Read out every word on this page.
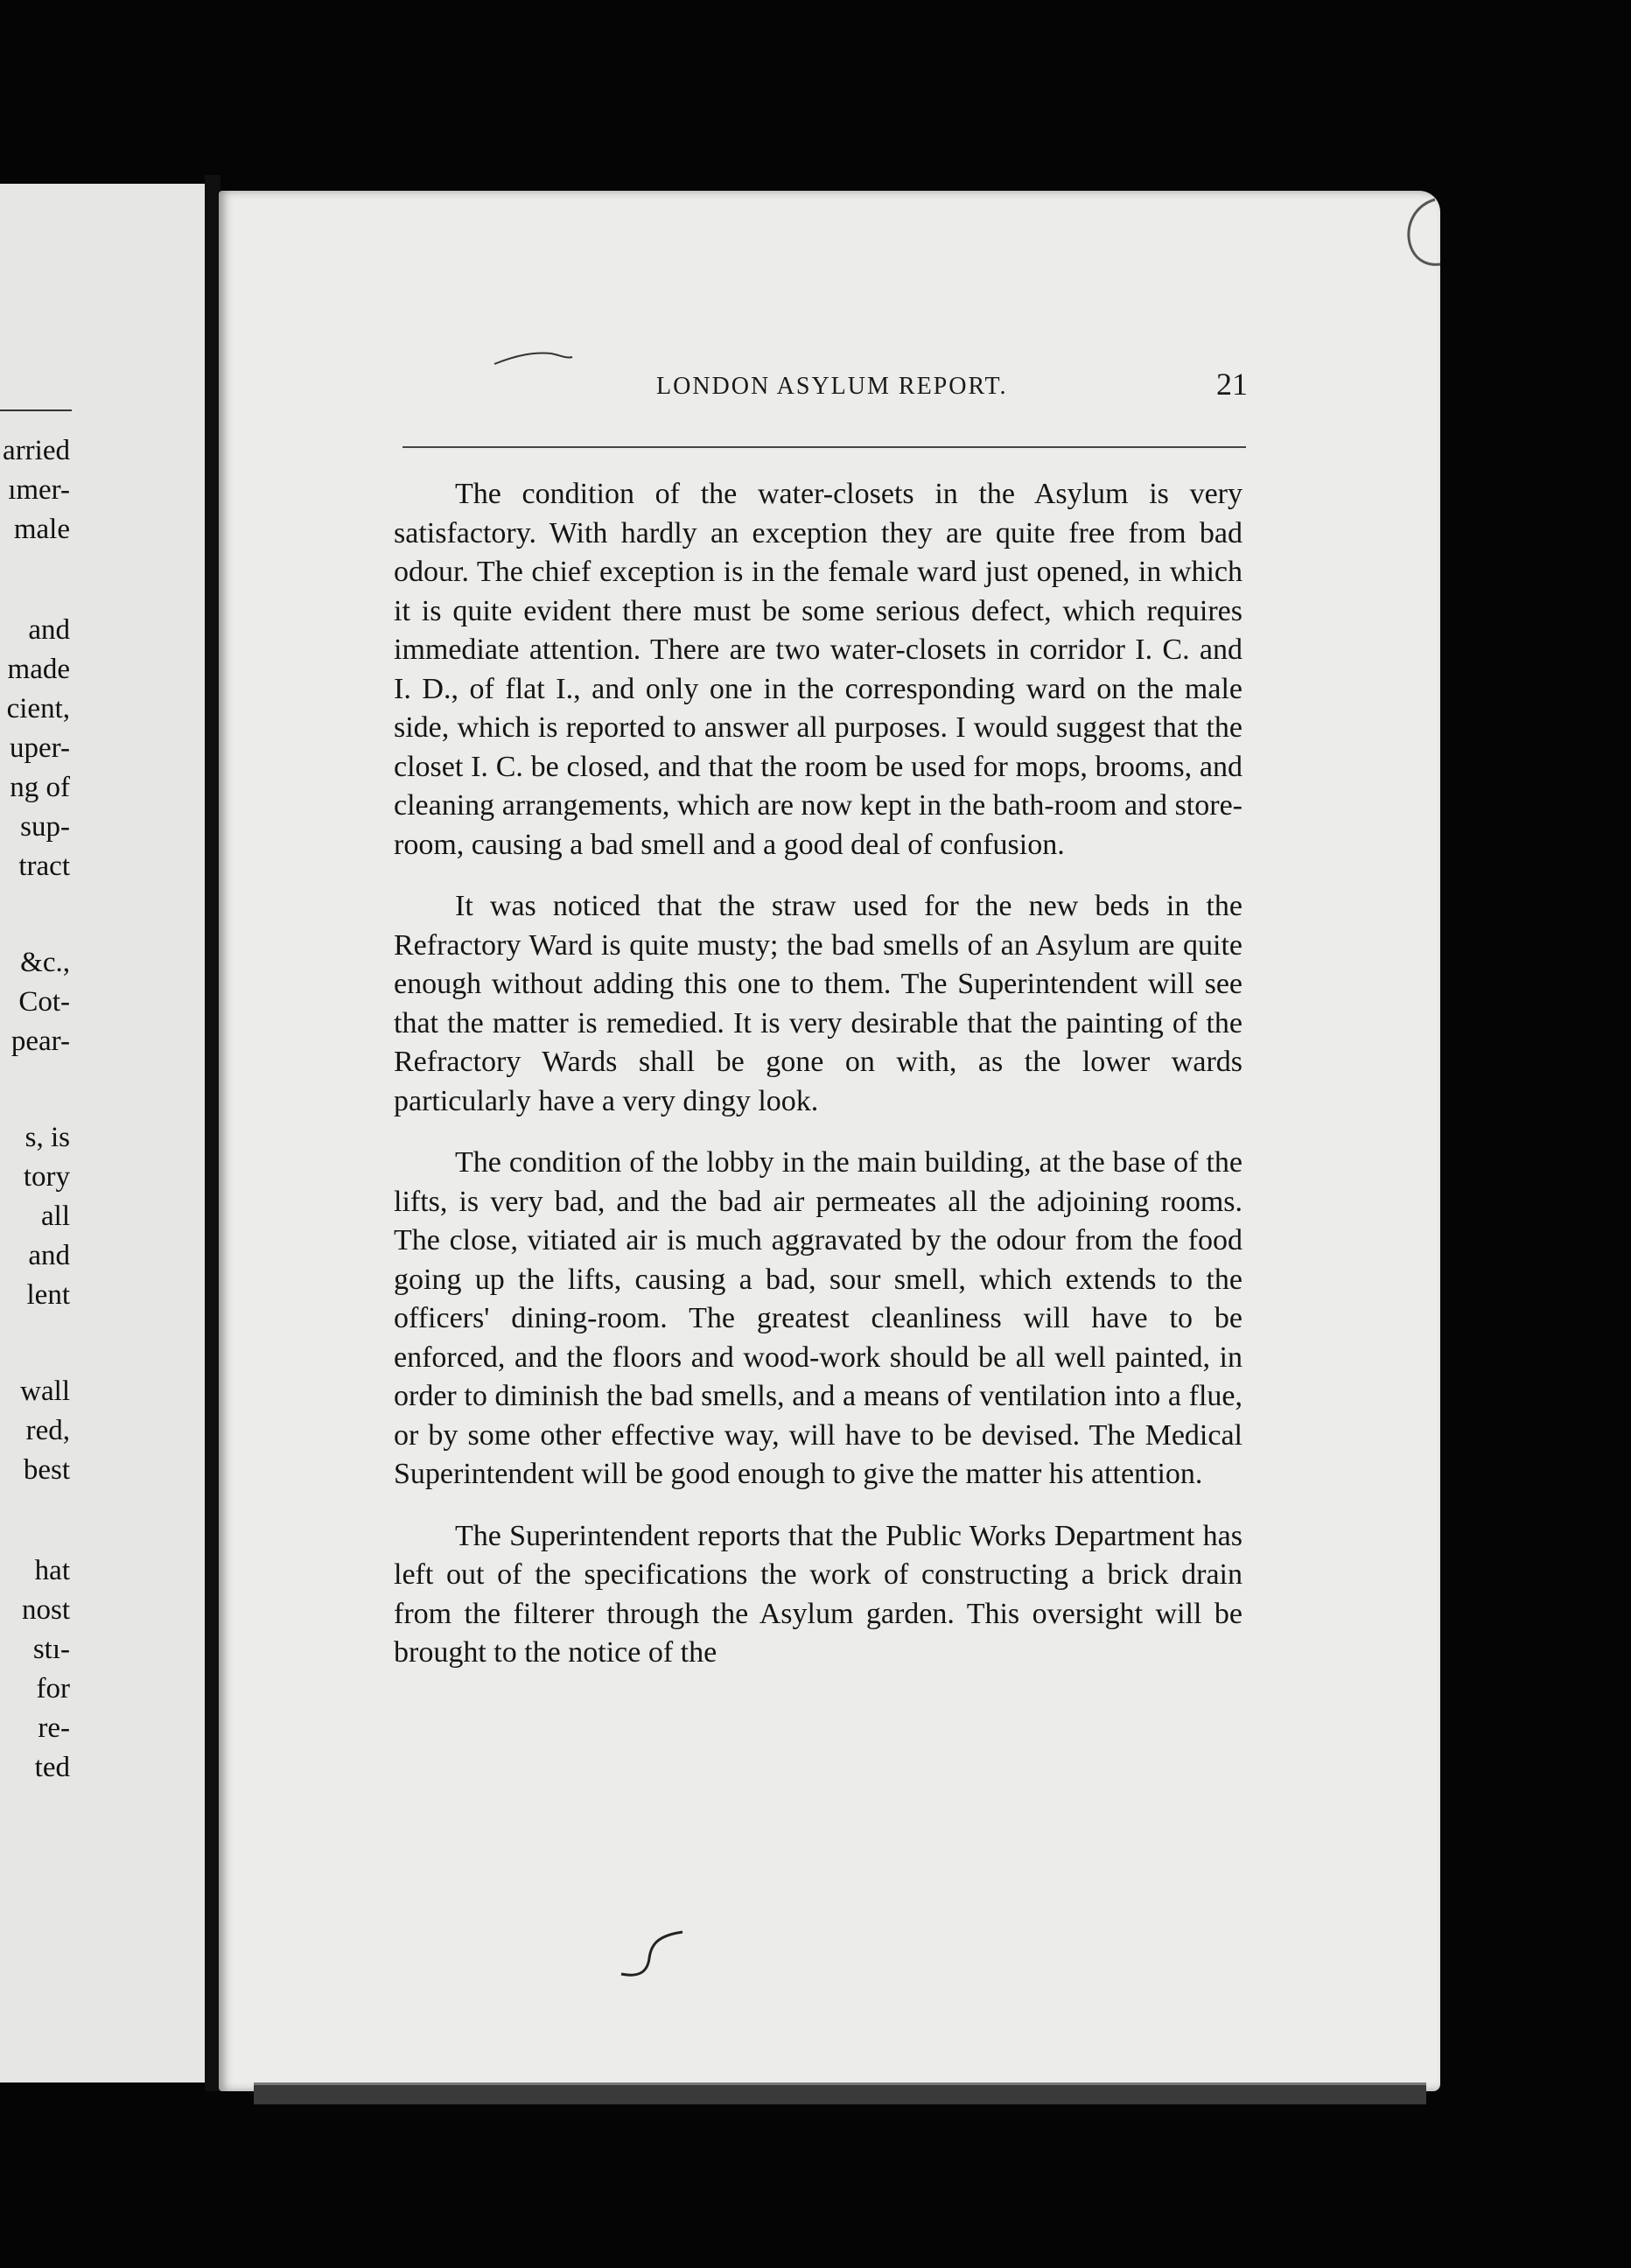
arried
ımer-
male
and
made
cient,
uper-
ng of
sup-
tract
&c.,
Cot-
pear-
s, is
tory
all
and
lent
wall
red,
best
hat
nost
stı-
for
re-
ted
LONDON ASYLUM REPORT.	21

The condition of the water-closets in the Asylum is very satisfactory. With hardly an exception they are quite free from bad odour. The chief exception is in the female ward just opened, in which it is quite evident there must be some serious defect, which requires immediate attention. There are two water-closets in corridor I. C. and I. D., of flat I., and only one in the corresponding ward on the male side, which is reported to answer all purposes. I would suggest that the closet I. C. be closed, and that the room be used for mops, brooms, and cleaning arrangements, which are now kept in the bath-room and store-room, causing a bad smell and a good deal of confusion.

It was noticed that the straw used for the new beds in the Refractory Ward is quite musty; the bad smells of an Asylum are quite enough without adding this one to them. The Superintendent will see that the matter is remedied. It is very desirable that the painting of the Refractory Wards shall be gone on with, as the lower wards particularly have a very dingy look.

The condition of the lobby in the main building, at the base of the lifts, is very bad, and the bad air permeates all the adjoining rooms. The close, vitiated air is much aggravated by the odour from the food going up the lifts, causing a bad, sour smell, which extends to the officers' dining-room. The greatest cleanliness will have to be enforced, and the floors and wood-work should be all well painted, in order to diminish the bad smells, and a means of ventilation into a flue, or by some other effective way, will have to be devised. The Medical Superintendent will be good enough to give the matter his attention.

The Superintendent reports that the Public Works Department has left out of the specifications the work of constructing a brick drain from the filterer through the Asylum garden. This oversight will be brought to the notice of the
